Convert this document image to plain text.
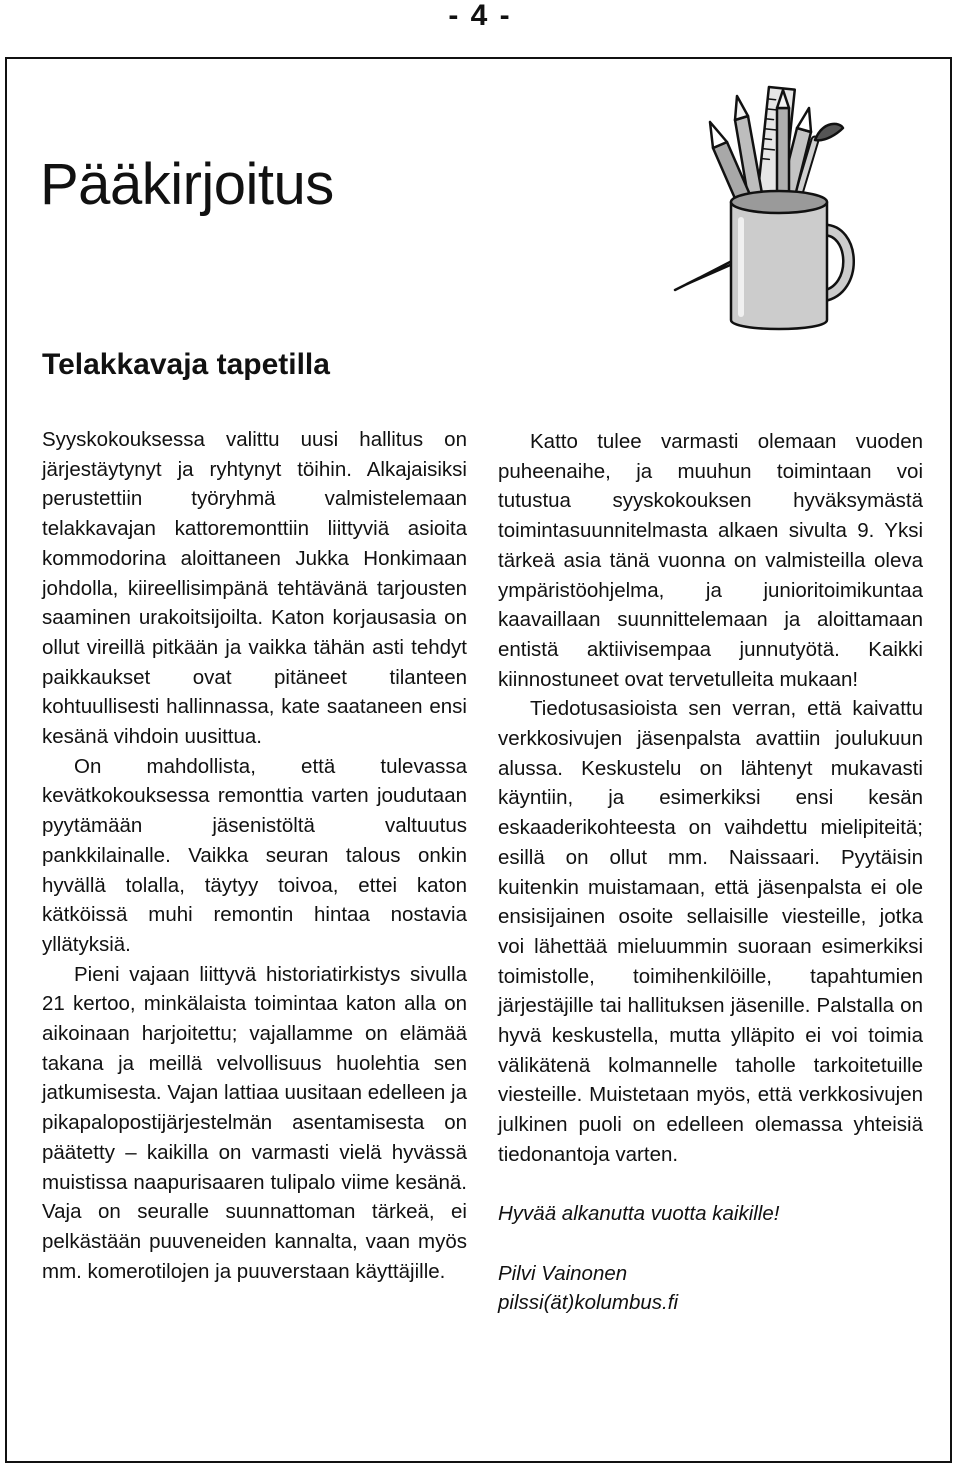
- 4 -
Pääkirjoitus
Telakkavaja tapetilla

Syyskokouksessa valittu uusi hallitus on järjestäytynyt ja ryhtynyt töihin. Alkajaisiksi perustettiin työryhmä valmistelemaan telakkavajan kattoremonttiin liittyviä asioita kommodorina aloittaneen Jukka Honkimaan johdolla, kiireellisimpänä tehtävänä tarjousten saaminen urakoitsijoilta. Katon korjausasia on ollut vireillä pitkään ja vaikka tähän asti tehdyt paikkaukset ovat pitäneet tilanteen kohtuullisesti hallinnassa, kate saataneen ensi kesänä vihdoin uusittua.

On mahdollista, että tulevassa kevätkokouksessa remonttia varten joudutaan pyytämään jäsenistöltä valtuutus pankkilainalle. Vaikka seuran talous onkin hyvällä tolalla, täytyy toivoa, ettei katon kätköissä muhi remontin hintaa nostavia yllätyksiä.

Pieni vajaan liittyvä historiatirkistys sivulla 21 kertoo, minkälaista toimintaa katon alla on aikoinaan harjoitettu; vajallamme on elämää takana ja meillä velvollisuus huolehtia sen jatkumisesta. Vajan lattiaa uusitaan edelleen ja pikapalopostijärjestelmän asentamisesta on päätetty – kaikilla on varmasti vielä hyvässä muistissa naapurisaaren tulipalo viime kesänä. Vaja on seuralle suunnattoman tärkeä, ei pelkästään puuveneiden kannalta, vaan myös mm. komerotilojen ja puuverstaan käyttäjille.

Katto tulee varmasti olemaan vuoden puheenaihe, ja muuhun toimintaan voi tutustua syyskokouksen hyväksymästä toimintasuunnitelmasta alkaen sivulta 9. Yksi tärkeä asia tänä vuonna on valmisteilla oleva ympäristöohjelma, ja junioritoimikuntaa kaavaillaan suunnittelemaan ja aloittamaan entistä aktiivisempaa junnutyötä. Kaikki kiinnostuneet ovat tervetulleita mukaan!

Tiedotusasioista sen verran, että kaivattu verkkosivujen jäsenpalsta avattiin joulukuun alussa. Keskustelu on lähtenyt mukavasti käyntiin, ja esimerkiksi ensi kesän eskaaderikohteesta on vaihdettu mielipiteitä; esillä on ollut mm. Naissaari. Pyytäisin kuitenkin muistamaan, että jäsenpalsta ei ole ensisijainen osoite sellaisille viesteille, jotka voi lähettää mieluummin suoraan esimerkiksi toimistolle, toimihenkilöille, tapahtumien järjestäjille tai hallituksen jäsenille. Palstalla on hyvä keskustella, mutta ylläpito ei voi toimia välikätenä kolmannelle taholle tarkoitetuille viesteille. Muistetaan myös, että verkkosivujen julkinen puoli on edelleen olemassa yhteisiä tiedonantoja varten.

Hyvää alkanutta vuotta kaikille!

Pilvi Vainonen

pilssi(ät)kolumbus.fi
